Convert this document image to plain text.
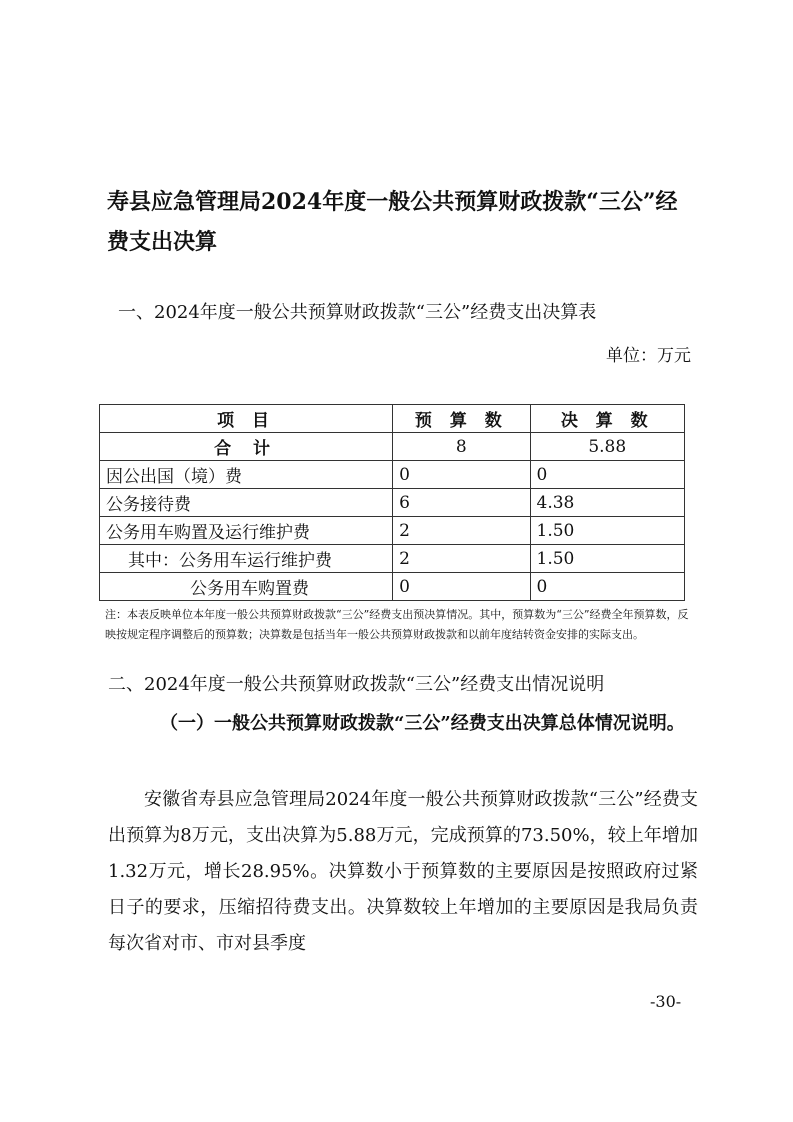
寿县应急管理局2024年度一般公共预算财政拨款“三公”经费支出决算

一、2024年度一般公共预算财政拨款“三公”经费支出决算表

单位：万元
项 目	预 算 数	决 算 数
合 计	8	5.88
因公出国（境）费	0	0
公务接待费	6	4.38
公务用车购置及运行维护费	2	1.50
其中：公务用车运行维护费	2	1.50
公务用车购置费	0	0

注：本表反映单位本年度一般公共预算财政拨款“三公”经费支出预决算情况。其中，预算数为“三公”经费全年预算数，反映按规定程序调整后的预算数；决算数是包括当年一般公共预算财政拨款和以前年度结转资金安排的实际支出。

二、2024年度一般公共预算财政拨款“三公”经费支出情况说明

（一）一般公共预算财政拨款“三公”经费支出决算总体情况说明。

安徽省寿县应急管理局2024年度一般公共预算财政拨款“三公”经费支出预算为8万元，支出决算为5.88万元，完成预算的73.50%，较上年增加1.32万元，增长28.95%。决算数小于预算数的主要原因是按照政府过紧日子的要求，压缩招待费支出。决算数较上年增加的主要原因是我局负责每次省对市、市对县季度

-30-
